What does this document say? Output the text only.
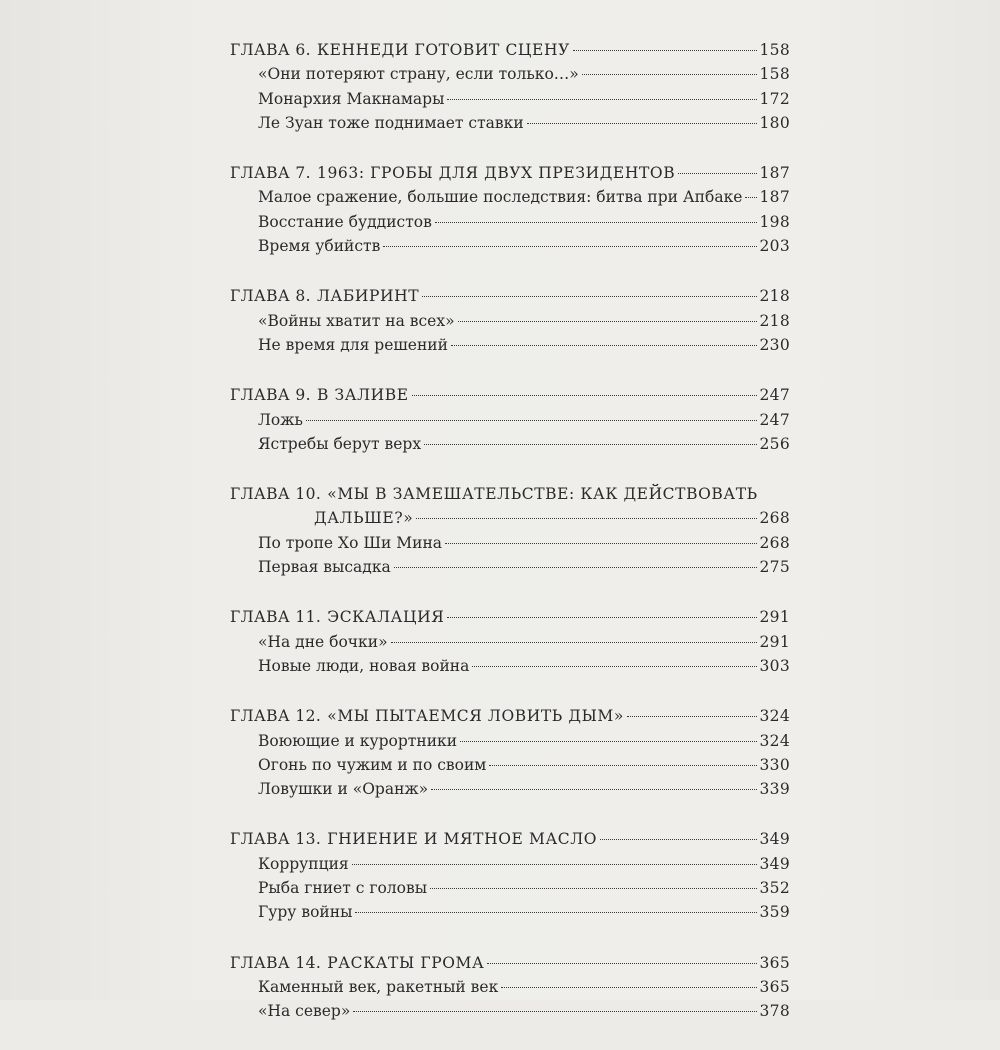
ГЛАВА 6. КЕННЕДИ ГОТОВИТ СЦЕНУ	158
«Они потеряют страну, если только…»	158
Монархия Макнамары	172
Ле Зуан тоже поднимает ставки	180
ГЛАВА 7. 1963: ГРОБЫ ДЛЯ ДВУХ ПРЕЗИДЕНТОВ	187
Малое сражение, большие последствия: битва при Апбаке 187
Восстание буддистов	198
Время убийств	203
ГЛАВА 8. ЛАБИРИНТ	218
«Войны хватит на всех»	218
Не время для решений	230
ГЛАВА 9. В ЗАЛИВЕ	247
Ложь	247
Ястребы берут верх	256
ГЛАВА 10. «МЫ В ЗАМЕШАТЕЛЬСТВЕ: КАК ДЕЙСТВОВАТЬ
ДАЛЬШЕ?»	268
По тропе Хо Ши Мина	268
Первая высадка	275
ГЛАВА 11. ЭСКАЛАЦИЯ	291
«На дне бочки»	291
Новые люди, новая война	303
ГЛАВА 12. «МЫ ПЫТАЕМСЯ ЛОВИТЬ ДЫМ»	324
Воюющие и курортники	324
Огонь по чужим и по своим	330
Ловушки и «Оранж»	339
ГЛАВА 13. ГНИЕНИЕ И МЯТНОЕ МАСЛО	349
Коррупция	349
Рыба гниет с головы	352
Гуру войны	359
ГЛАВА 14. РАСКАТЫ ГРОМА	365
Каменный век, ракетный век	365
«На север»	378
